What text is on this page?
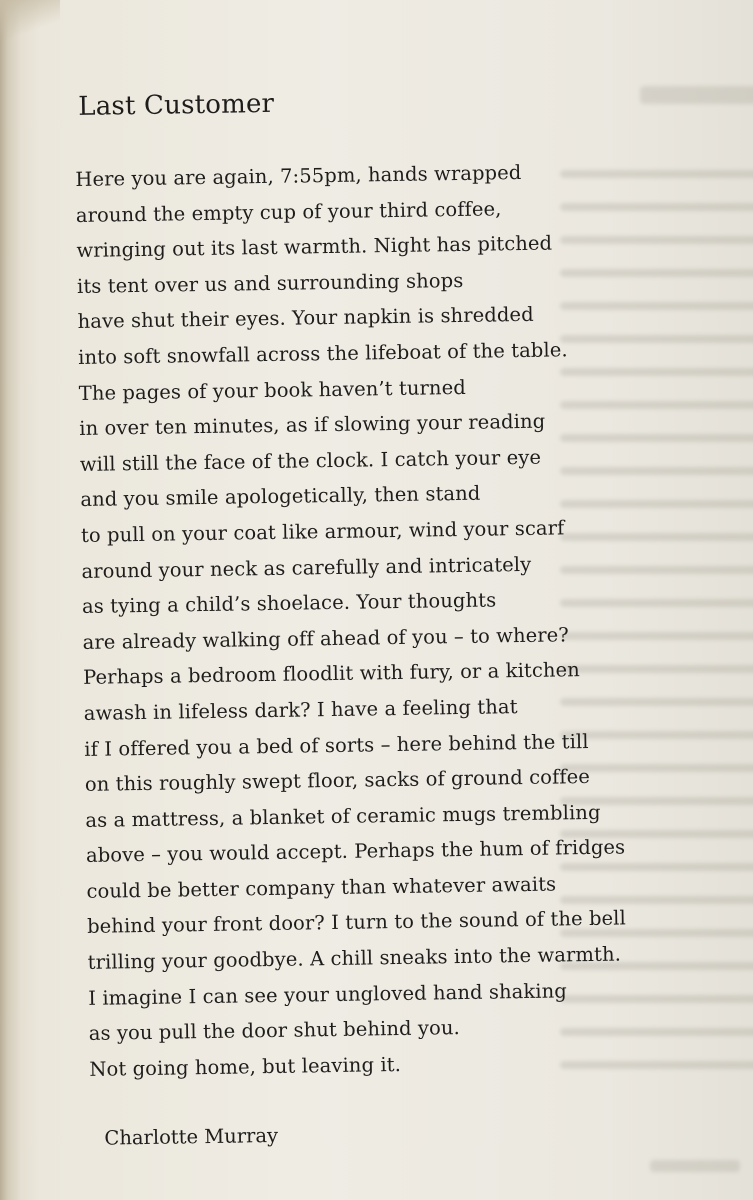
Last Customer
Here you are again, 7:55pm, hands wrapped
around the empty cup of your third coffee,
wringing out its last warmth. Night has pitched
its tent over us and surrounding shops
have shut their eyes. Your napkin is shredded
into soft snowfall across the lifeboat of the table.
The pages of your book haven’t turned
in over ten minutes, as if slowing your reading
will still the face of the clock. I catch your eye
and you smile apologetically, then stand
to pull on your coat like armour, wind your scarf
around your neck as carefully and intricately
as tying a child’s shoelace. Your thoughts
are already walking off ahead of you – to where?
Perhaps a bedroom floodlit with fury, or a kitchen
awash in lifeless dark? I have a feeling that
if I offered you a bed of sorts – here behind the till
on this roughly swept floor, sacks of ground coffee
as a mattress, a blanket of ceramic mugs trembling
above – you would accept. Perhaps the hum of fridges
could be better company than whatever awaits
behind your front door? I turn to the sound of the bell
trilling your goodbye. A chill sneaks into the warmth.
I imagine I can see your ungloved hand shaking
as you pull the door shut behind you.
Not going home, but leaving it.
Charlotte Murray
